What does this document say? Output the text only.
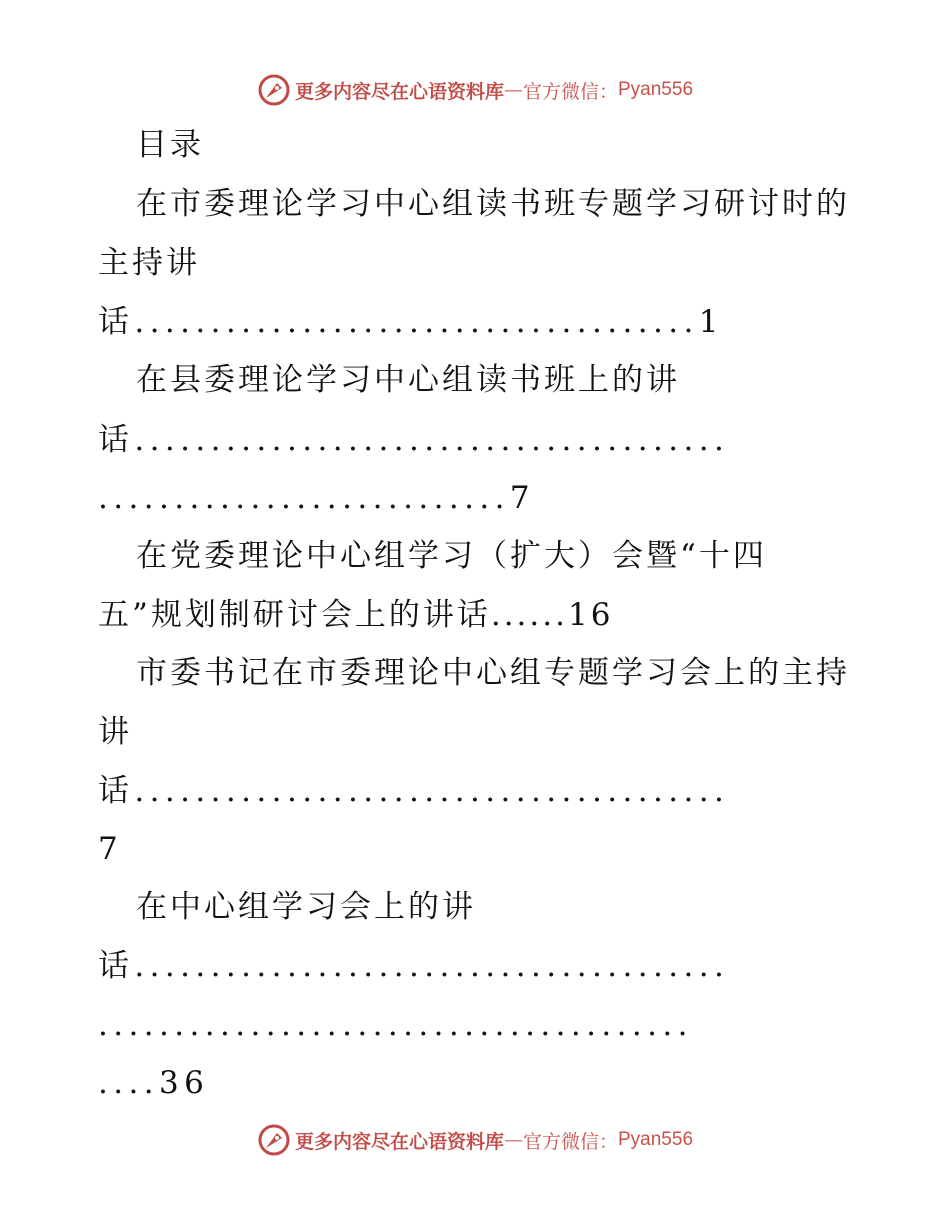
更多内容尽在心语资料库 — 官方微信： Pyan556
目录
在市委理论学习中心组读书班专题学习研讨时的
主持讲
话.....................................1
在县委理论学习中心组读书班上的讲
话.......................................
...........................7
在党委理论中心组学习（扩大）会暨“十四
五”规划制研讨会上的讲话......16
市委书记在市委理论中心组专题学习会上的主持
讲
话.......................................
7
在中心组学习会上的讲
话.......................................
.......................................
....36
更多内容尽在心语资料库 — 官方微信： Pyan556
